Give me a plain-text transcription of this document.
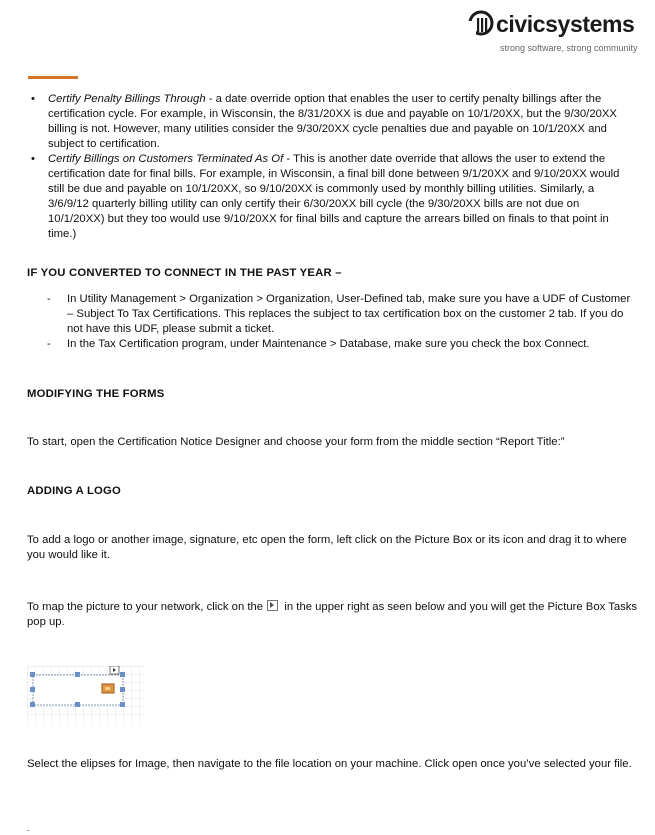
civicsystems
strong software, strong community
• Certify Penalty Billings Through - a date override option that enables the user to certify penalty billings after the certification cycle. For example, in Wisconsin, the 8/31/20XX is due and payable on 10/1/20XX, but the 9/30/20XX billing is not. However, many utilities consider the 9/30/20XX cycle penalties due and payable on 10/1/20XX and subject to certification.
• Certify Billings on Customers Terminated As Of - This is another date override that allows the user to extend the certification date for final bills. For example, in Wisconsin, a final bill done between 9/1/20XX and 9/10/20XX would still be due and payable on 10/1/20XX, so 9/10/20XX is commonly used by monthly billing utilities. Similarly, a 3/6/9/12 quarterly billing utility can only certify their 6/30/20XX bill cycle (the 9/30/20XX bills are not due on 10/1/20XX) but they too would use 9/10/20XX for final bills and capture the arrears billed on finals to that point in time.)
IF YOU CONVERTED TO CONNECT IN THE PAST YEAR –
- In Utility Management > Organization > Organization, User-Defined tab, make sure you have a UDF of Customer – Subject To Tax Certifications. This replaces the subject to tax certification box on the customer 2 tab. If you do not have this UDF, please submit a ticket.
- In the Tax Certification program, under Maintenance > Database, make sure you check the box Connect.
MODIFYING THE FORMS

To start, open the Certification Notice Designer and choose your form from the middle section “Report Title:”

ADDING A LOGO

To add a logo or another image, signature, etc open the form, left click on the Picture Box or its icon and drag it to where you would like it.

To map the picture to your network, click on the  in the upper right as seen below and you will get the Picture Box Tasks pop up.

Select the elipses for Image, then navigate to the file location on your machine. Click open once you’ve selected your file.

.
